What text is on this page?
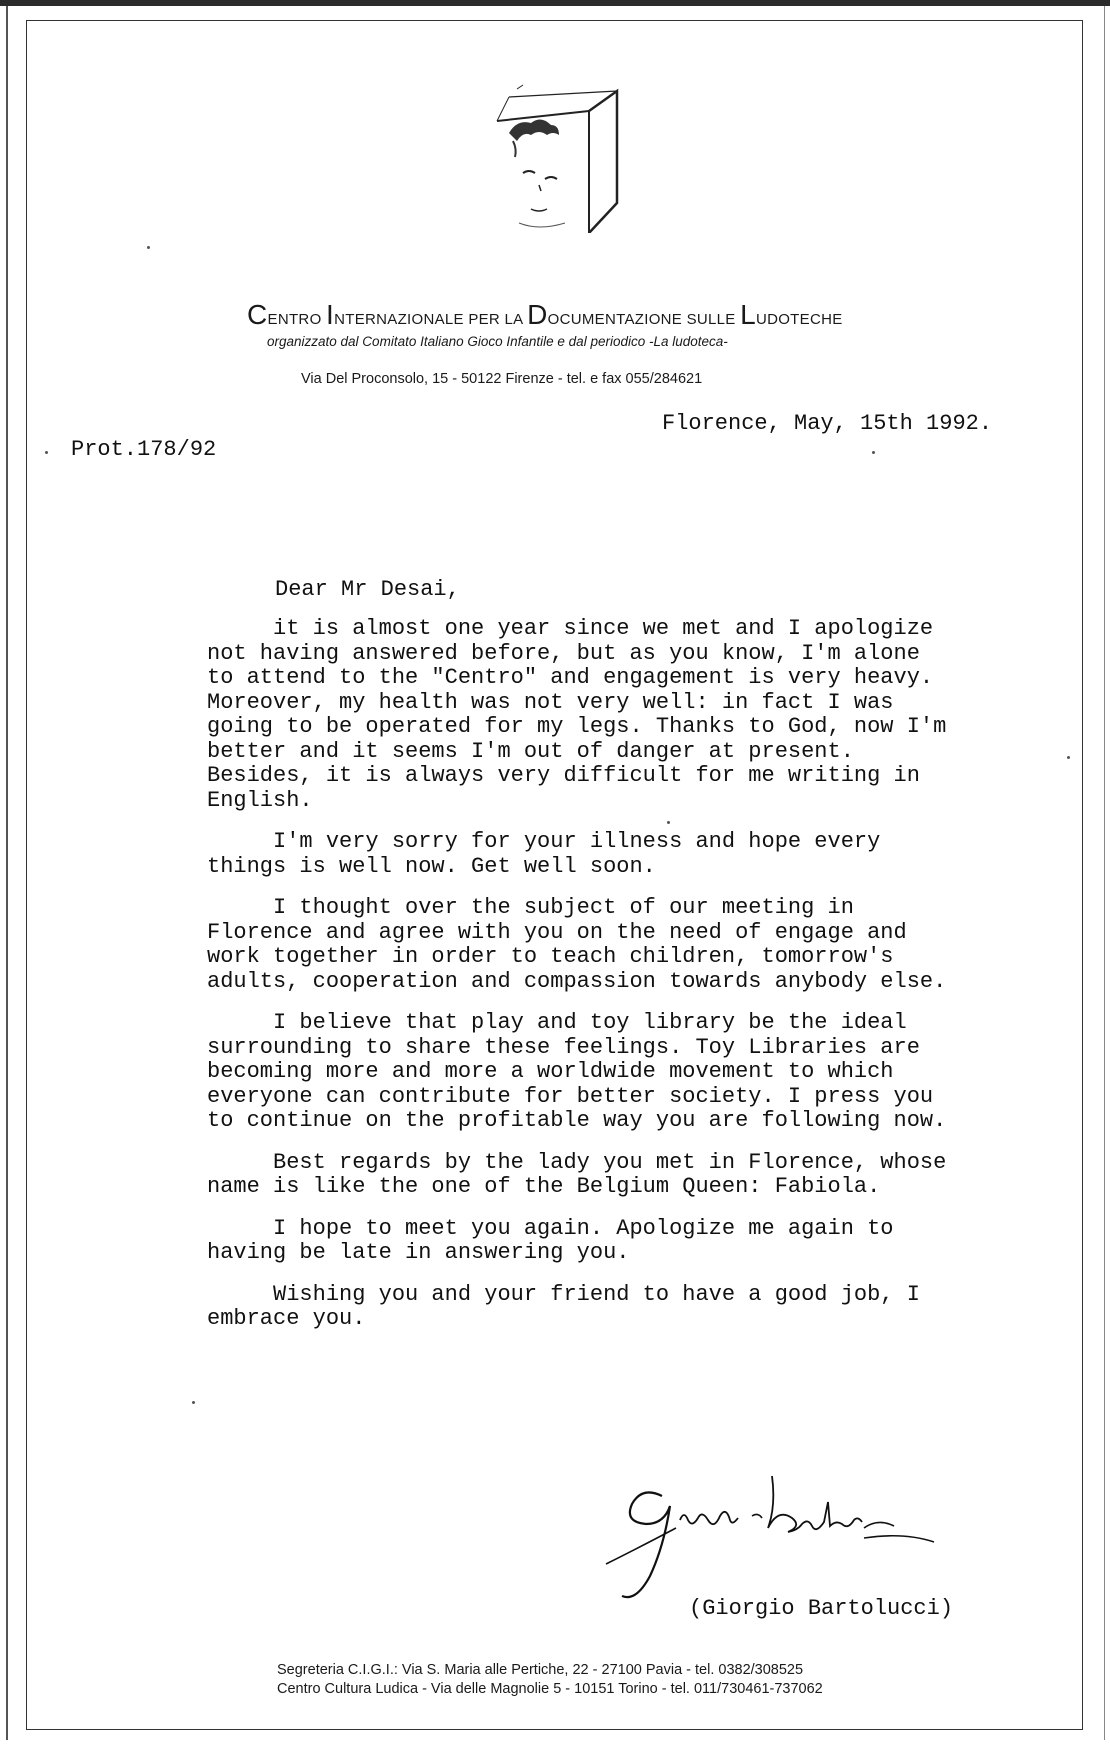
CENTRO INTERNAZIONALE PER LA DOCUMENTAZIONE SULLE LUDOTECHE
organizzato dal Comitato Italiano Gioco Infantile e dal periodico -La ludoteca-
Via Del Proconsolo, 15 - 50122 Firenze - tel. e fax 055/284621
Florence, May, 15th 1992.
Prot.178/92
Dear Mr Desai,
it is almost one year since we met and I apologize
not having answered before, but as you know, I'm alone
to attend to the "Centro" and engagement is very heavy.
Moreover, my health was not very well: in fact I was
going to be operated for my legs. Thanks to God, now I'm
better and it seems I'm out of danger at present.
Besides, it is always very difficult for me writing in
English.
I'm very sorry for your illness and hope every
things is well now. Get well soon.
I thought over the subject of our meeting in
Florence and agree with you on the need of engage and
work together in order to teach children, tomorrow's
adults, cooperation and compassion towards anybody else.
I believe that play and toy library be the ideal
surrounding to share these feelings. Toy Libraries are
becoming more and more a worldwide movement to which
everyone can contribute for better society. I press you
to continue on the profitable way you are following now.
Best regards by the lady you met in Florence, whose
name is like the one of the Belgium Queen: Fabiola.
I hope to meet you again. Apologize me again to
having be late in answering you.
Wishing you and your friend to have a good job, I
embrace you.
(Giorgio Bartolucci)
Segreteria C.I.G.I.: Via S. Maria alle Pertiche, 22 - 27100 Pavia - tel. 0382/308525
Centro Cultura Ludica - Via delle Magnolie 5 - 10151 Torino - tel. 011/730461-737062
